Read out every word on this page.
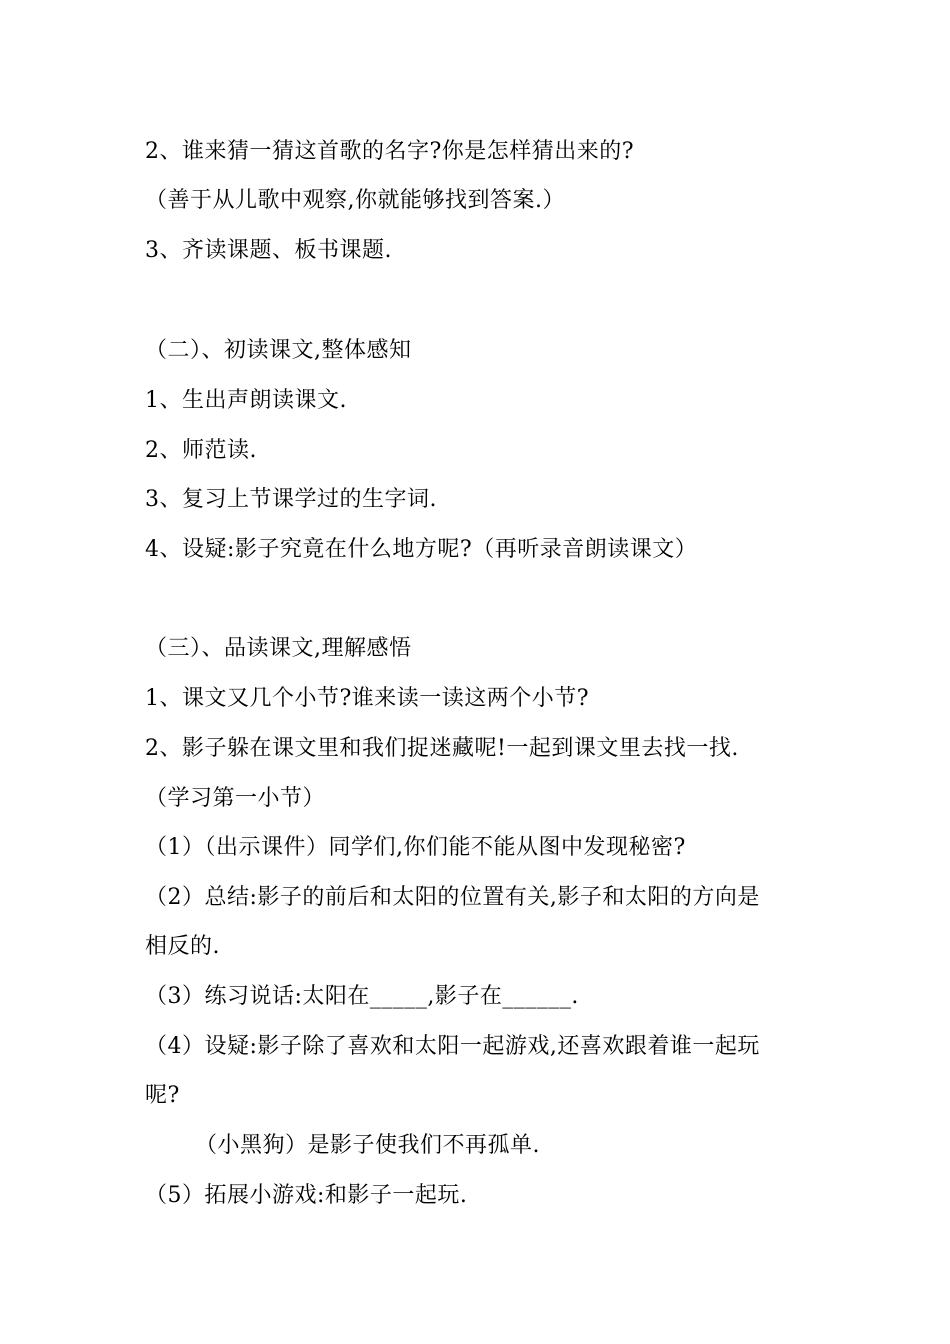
2、谁来猜一猜这首歌的名字?你是怎样猜出来的?
（善于从儿歌中观察,你就能够找到答案.）
3、齐读课题、板书课题.
（二）、初读课文,整体感知
1、生出声朗读课文.
2、师范读.
3、复习上节课学过的生字词.
4、设疑:影子究竟在什么地方呢?（再听录音朗读课文）
（三）、品读课文,理解感悟
1、课文又几个小节?谁来读一读这两个小节?
2、影子躲在课文里和我们捉迷藏呢!一起到课文里去找一找.
（学习第一小节）
（1）（出示课件）同学们,你们能不能从图中发现秘密?
（2）总结:影子的前后和太阳的位置有关,影子和太阳的方向是
相反的.
（3）练习说话:太阳在_____,影子在______.
（4）设疑:影子除了喜欢和太阳一起游戏,还喜欢跟着谁一起玩
呢?
（小黑狗）是影子使我们不再孤单.
（5）拓展小游戏:和影子一起玩.
